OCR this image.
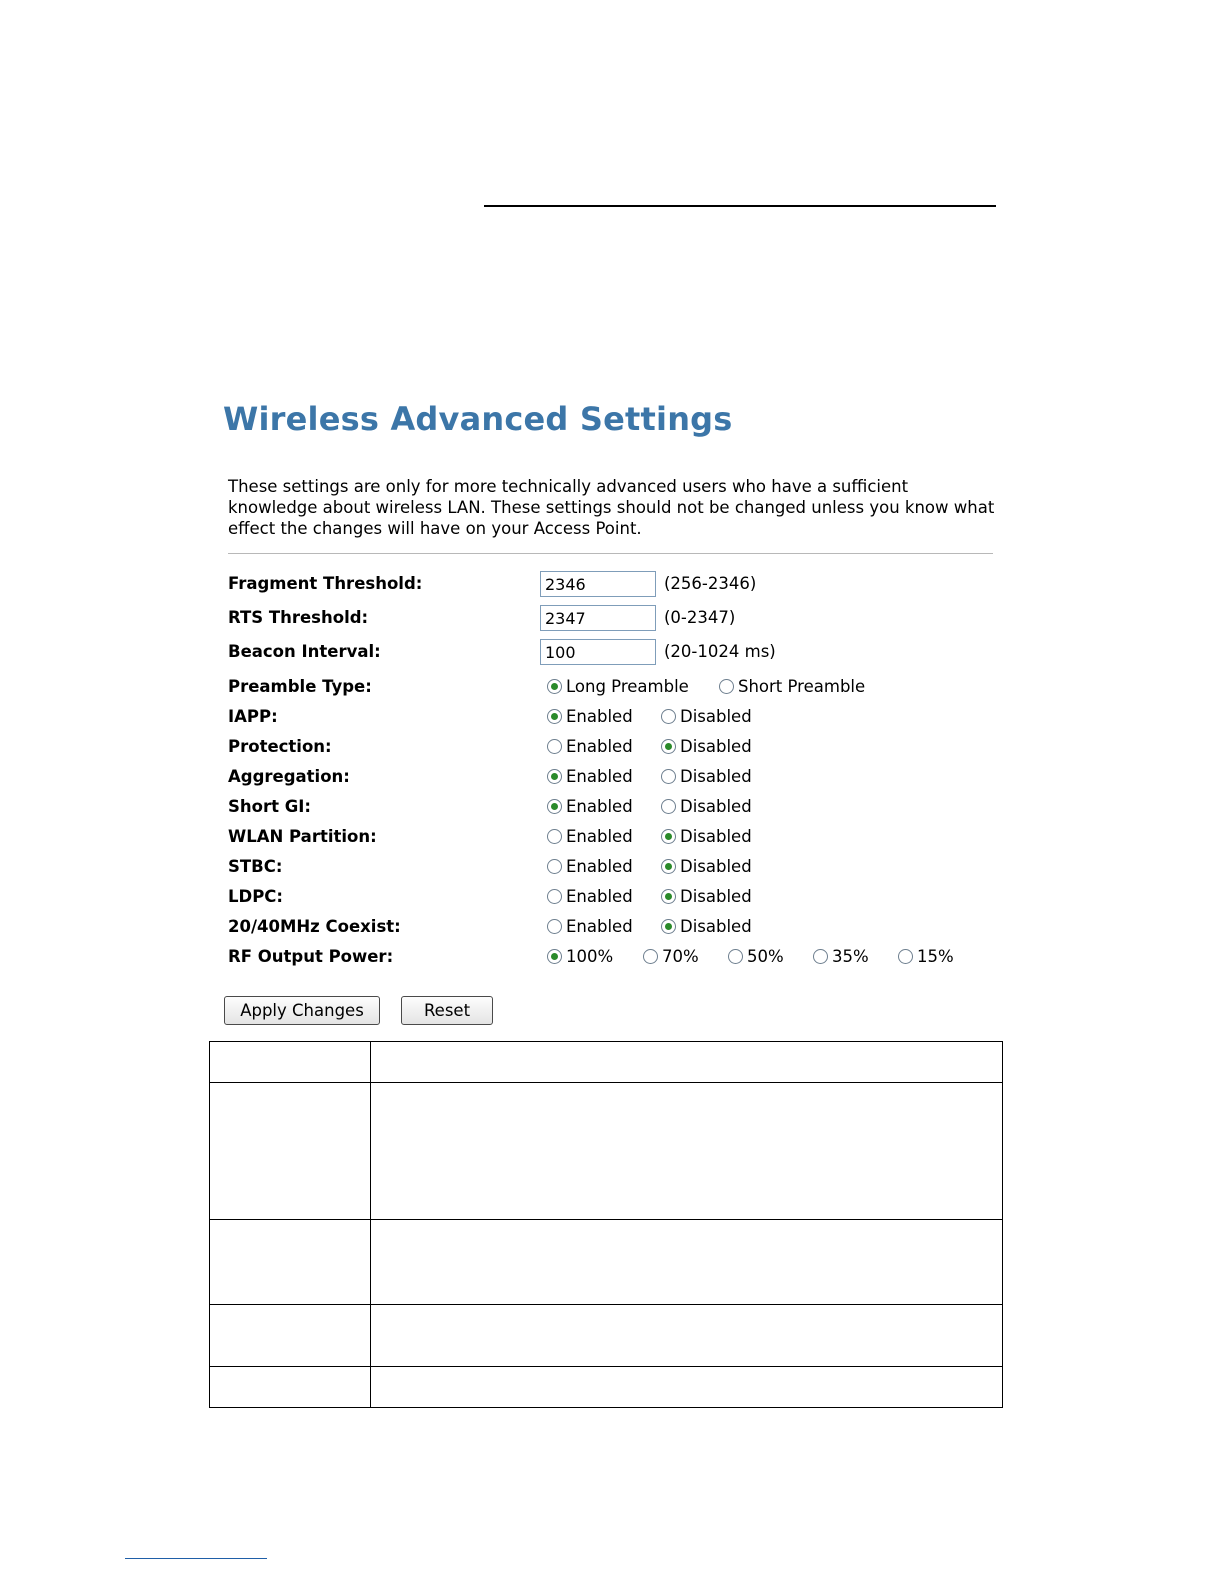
Wireless Advanced Settings

These settings are only for more technically advanced users who have a sufficient knowledge about wireless LAN. These settings should not be changed unless you know what effect the changes will have on your Access Point.

Fragment Threshold:
2346	(256-2346)
RTS Threshold:
2347	(0-2347)
Beacon Interval:
100	(20-1024 ms)
Preamble Type:	Long Preamble	Short Preamble
IAPP:	Enabled	Disabled
Protection:	Enabled	Disabled
Aggregation:	Enabled	Disabled
Short GI:	Enabled	Disabled
WLAN Partition:	Enabled	Disabled
STBC:	Enabled	Disabled
LDPC:	Enabled	Disabled
20/40MHz Coexist:	Enabled	Disabled
RF Output Power:	100%	70%	50%	35%	15%
Apply Changes	Reset
